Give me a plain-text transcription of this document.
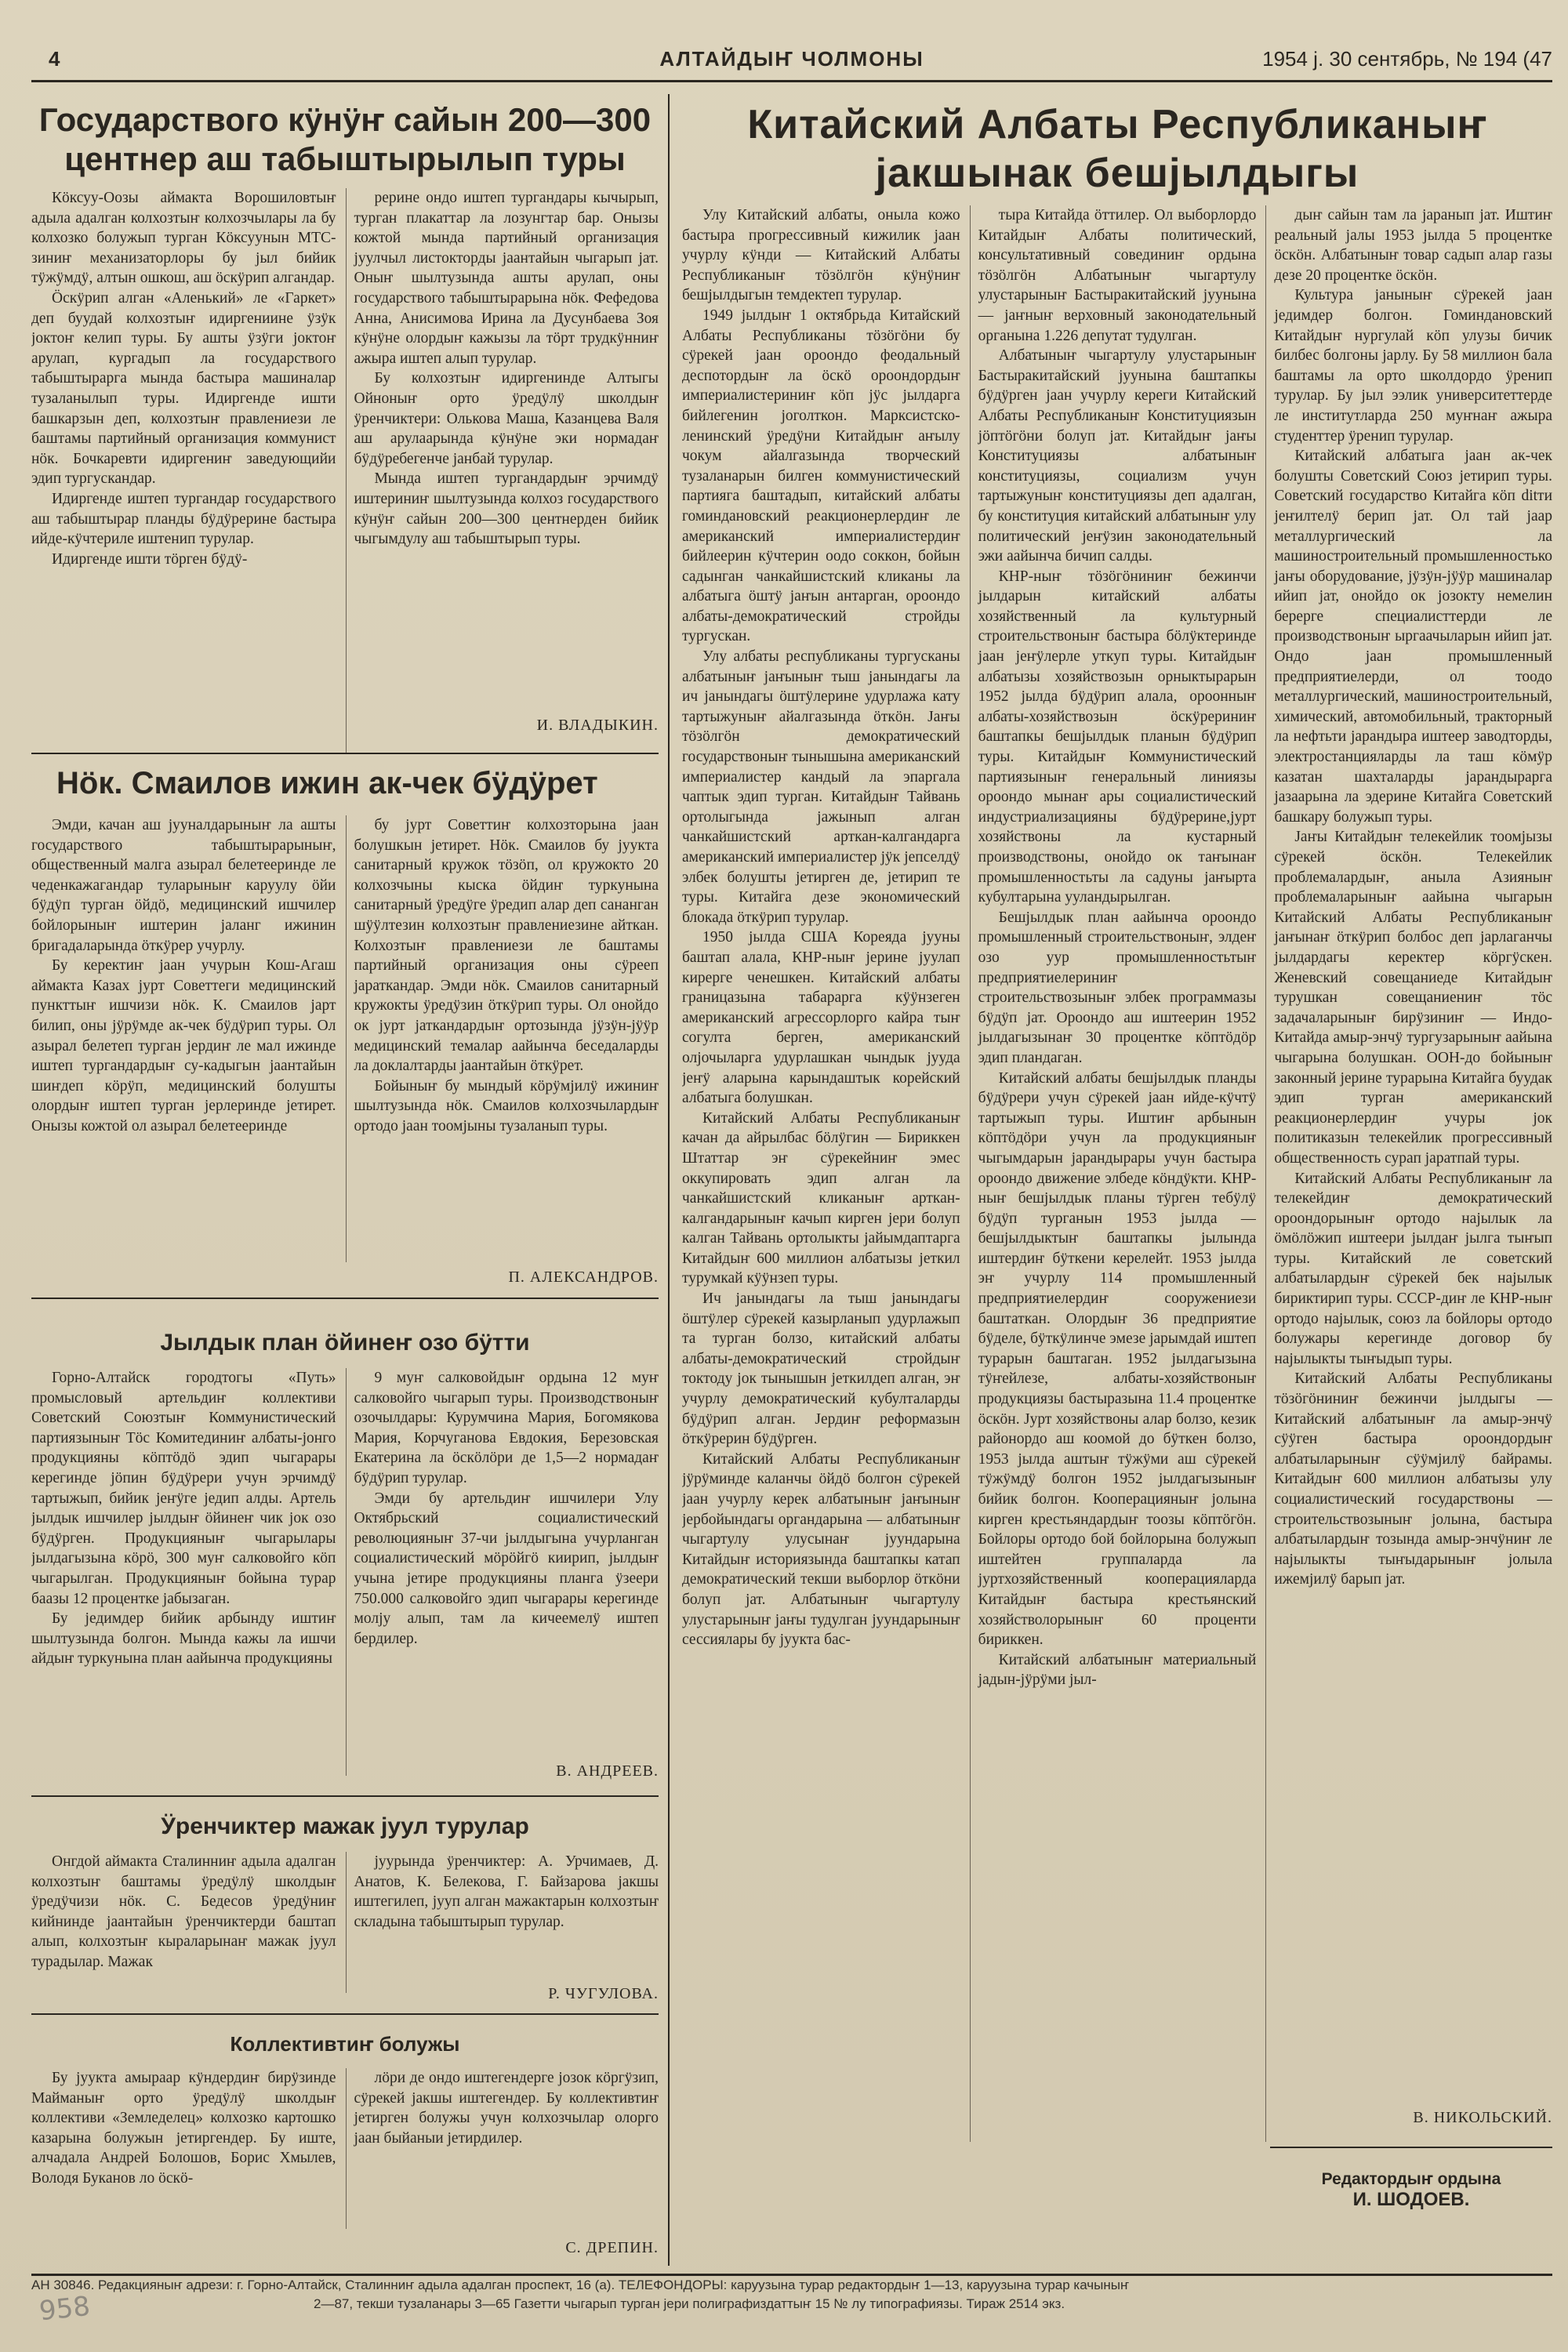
4	АЛТАЙДЫҤ ЧОЛМОНЫ	1954 ј. 30 сентябрь, № 194 (47
Государствого кӱнӱҥ сайын 200—300 центнер аш табыштырылып туры

Кӧксуу-Оозы аймакта Ворошиловтыҥ адыла адалган колхозтыҥ колхозчылары ла бу колхозко болужып турган Кӧксуунын МТС-зиниҥ механизаторлоры бу јыл бийик тӱжӱмдӱ, алтын ошкош, аш ӧскӱрип алгандар.

Ӧскӱрип алган «Аленький» ле «Гаркет» деп буудай колхозтыҥ идиргениине ӱзӱк јоктоҥ келип туры. Бу ашты ӱзӱги јоктоҥ арулап, кургадып ла государствого табыштырарга мында бастыра машиналар тузаланылып туры. Идиргенде ишти башкарзын деп, колхозтыҥ правлениези ле баштамы партийный организация коммунист нӧк. Бочкаревти идиргениҥ заведующийи эдип тургускандар.

Идиргенде иштеп тургандар государствого аш табыштырар планды бӱдӱрерине бастыра ийде-кӱчтериле иштенип турулар.

Идиргенде ишти тӧрген бӱдӱ-

рерине ондо иштеп тургандары кычырып, турган плакаттар ла лозунгтар бар. Онызы кожтой мында партийный организация јуулчыл листокторды јаантайын чыгарып јат. Оныҥ шылтузында ашты арулап, оны государствого табыштырарына нӧк. Фефедова Анна, Анисимова Ирина ла Дусунбаева Зоя кӱнӱне олордыҥ кажызы ла тӧрт трудкӱнниҥ ажыра иштеп алып турулар.

Бу колхозтыҥ идиргенинде Алтыгы Ойноныҥ орто ӱредӱлӱ школдыҥ ӱренчиктери: Олькова Маша, Казанцева Валя аш арулаарында кӱнӱне эки нормадаҥ бӱдӱребегенче јанбай турулар.

Мында иштеп тургандардыҥ эрчимдӱ иштериниҥ шылтузында колхоз государствого кӱнӱҥ сайын 200—300 центнерден бийик чыгымдулу аш табыштырып туры.

И. ВЛАДЫКИН.
Нӧк. Смаилов ижин ак-чек бӱдӱрет

Эмди, качан аш јууналдарыныҥ ла ашты государствого табыштырарыныҥ, общественный малга азырал белетееринде ле чеденкажагандар туларыныҥ каруулу ӧйи бӱдӱп турган ӧйдӧ, медицинский ишчилер бойлорыныҥ иштерин јаланг ижинин бригадаларында ӧткӱрер учурлу.

Бу керектиҥ јаан учурын Кош-Агаш аймакта Казах јурт Советтеги медицинский пункттыҥ ишчизи нӧк. К. Смаилов јарт билип, оны јӱрӱмде ак-чек бӱдӱрип туры. Ол азырал белетеп турган јердиҥ ле мал ижинде иштеп тургандардыҥ су-кадыгын јаантайын шиҥдеп кӧрӱп, медицинский болушты олордыҥ иштеп турган јерлеринде јетирет. Онызы кожтой ол азырал белетееринде

бу јурт Советтиҥ колхозторына јаан болушкын јетирет. Нӧк. Смаилов бу јуукта санитарный кружок тӧзӧп, ол кружокто 20 колхозчыны кыска ӧйдиҥ туркунына санитарный ӱредӱге ӱредип алар деп сананган шӱӱлтезин колхозтыҥ правлениезине айткан. Колхозтыҥ правлениези ле баштамы партийный организация оны сӱрееп јараткандар. Эмди нӧк. Смаилов санитарный кружокты ӱредӱзин ӧткӱрип туры. Ол онойдо ок јурт јаткандардыҥ ортозында јӱзӱн-јӱӱр медицинский темалар аайынча беседаларды ла доклалтарды јаантайын ӧткӱрет.

Бойыныҥ бу мындый кӧрӱмјилӱ ижиниҥ шылтузында нӧк. Смаилов колхозчылардыҥ ортодо јаан тоомјыны тузаланып туры.

П. АЛЕКСАНДРОВ.
Јылдык план ӧйинеҥ озо бӱтти

Горно-Алтайск городтогы «Путь» промысловый артельдиҥ коллективи Советский Союзтыҥ Коммунистический партиязыныҥ Тӧс Комитединиҥ албаты-јонго продукцияны кӧптӧдӧ эдип чыгарары керегинде јӧпин бӱдӱрери учун эрчимдӱ тартыжып, бийик јеҥӱге једип алды. Артель јылдык ишчилер јылдыҥ ӧйинеҥ чик јок озо бӱдӱрген. Продукцияныҥ чыгарылары јылдагызына кӧрӧ, 300 муҥ салковойго кӧп чыгарылган. Продукцияныҥ бойына турар баазы 12 процентке јабызаган.

Бу једимдер бийик арбынду иштиҥ шылтузында болгон. Мында кажы ла ишчи айдыҥ туркунына план аайынча продукцияны

9 муҥ салковойдыҥ ордына 12 муҥ салковойго чыгарып туры. Производствоныҥ озочылдары: Курумчина Мария, Богомякова Мария, Корчуганова Евдокия, Березовская Екатерина ла ӧскӧлӧри де 1,5—2 нормадаҥ бӱдӱрип турулар.

Эмди бу артельдиҥ ишчилери Улу Октябрьский социалистический революцияныҥ 37-чи јылдыгына учурланган социалистический мӧрӧйгӧ киирип, јылдыҥ учына јетире продукцияны планга ӱзеери 750.000 салковойго эдип чыгарары керегинде молју алып, там ла кичеемелӱ иштеп бердилер.

В. АНДРЕЕВ.
Ӱренчиктер мажак јуул турулар

Онгдой аймакта Сталинниҥ адыла адалган колхозтыҥ баштамы ӱредӱлӱ школдыҥ ӱредӱчизи нӧк. С. Бедесов ӱредӱниҥ кийнинде јаантайын ӱренчиктерди баштап алып, колхозтыҥ кыраларынаҥ мажак јуул турадылар. Мажак

јуурында ӱренчиктер: А. Урчимаев, Д. Анатов, К. Белекова, Г. Байзарова јакшы иштегилеп, јууп алган мажактарын колхозтыҥ складына табыштырып турулар.

Р. ЧУГУЛОВА.
Коллективтиҥ болужы

Бу јуукта амыраар кӱндердиҥ бирӱзинде Майманыҥ орто ӱредӱлӱ школдыҥ коллективи «Земледелец» колхозко картошко казарына болужын јетиргендер. Бу иште, алчадала Андрей Болошов, Борис Хмылев, Володя Буканов ло ӧскӧ-

лӧри де ондо иштегендерге јозок кӧргӱзип, сӱрекей јакшы иштегендер. Бу коллективтиҥ јетирген болужы учун колхозчылар олорго јаан быйаныи јетирдилер.

С. ДРЕПИН.
Китайский Албаты Республиканыҥ јакшынак бешјылдыгы

Улу Китайский албаты, оныла кожо бастыра прогрессивный кижилик јаан учурлу кӱнди — Китайский Албаты Республиканыҥ тӧзӧлгӧн кӱнӱниҥ бешјылдыгын темдектеп турулар.

1949 јылдыҥ 1 октябрьда Китайский Албаты Республиканы тӧзӧгӧни бу сӱрекей јаан ороондо феодальный деспотордыҥ ла ӧскӧ ороондордыҥ империалистериниҥ кӧп јӱс јылдарга бийлегенин јоголткон. Марксистско-ленинский ӱредӱни Китайдыҥ аҥылу чокум айалгазында творческий тузаланарын билген коммунистический партияга баштадып, китайский албаты гоминдановский реакционерлердиҥ ле американский империалистердиҥ бийлеерин кӱчтерин оодо соккон, бойын садынган чанкайшистский кликаны ла албатыга ӧштӱ јаҥын антарган, ороондо албаты-демократический стройды тургускан.

Улу албаты республиканы тургусканы албатыныҥ јаҥыныҥ тыш јанындагы ла ич јанындагы ӧштӱлерине удурлажа кату тартыжуныҥ айалгазында ӧткӧн. Јаҥы тӧзӧлгӧн демократический государствоныҥ тынышына американский империалистер кандый ла эпаргала чаптык эдип турган. Китайдыҥ Тайвань ортолыгында јажынып алган чанкайшистский арткан-калгандарга американский империалистер јӱк јепселдӱ элбек болушты јетирген де, јетирип те туры. Китайга дезе экономический блокада ӧткӱрип турулар.

1950 јылда США Кореяда јууны баштап алала, КНР-ныҥ јерине јуулап кирерге ченешкен. Китайский албаты границазына табарарга кӱӱнзеген американский агрессорлорго кайра тыҥ согулта берген, американский олјочыларга удурлашкан чындык јууда јеҥӱ аларына карындаштык корейский албатыга болушкан.

Китайский Албаты Республиканыҥ качан да айрылбас бӧлӱгин — Бириккен Штаттар эҥ сӱрекейниҥ эмес оккупировать эдип алган ла чанкайшистский кликаныҥ арткан-калгандарыныҥ качып кирген јери болуп калган Тайвань ортолыкты јайымдаптарга Китайдыҥ 600 миллион албатызы јеткил турумкай кӱӱнзеп туры.

Ич јанындагы ла тыш јанындагы ӧштӱлер сӱрекей казырланып удурлажып та турган болзо, китайский албаты албаты-демократический стройдыҥ токтоду јок тынышын јеткилдеп алган, эҥ учурлу демократический кубулталарды бӱдӱрип алган. Јердиҥ реформазын ӧткӱрерин бӱдӱрген.

Китайский Албаты Республиканыҥ јӱрӱминде каланчы ӧйдӧ болгон сӱрекей јаан учурлу керек албатыныҥ јаҥыныҥ јербойындагы органдарына — албатыныҥ чыгартулу улусынаҥ јуундарына Китайдыҥ историязында баштапкы катап демократический текши выборлор ӧткӧни болуп јат. Албатыныҥ чыгартулу улустарыныҥ јаҥы тудулган јуундарыныҥ сессиялары бу јуукта бас-

тыра Китайда ӧттилер. Ол выборлордо Китайдыҥ Албаты политический, консультативный совединиҥ ордына тӧзӧлгӧн Албатыныҥ чыгартулу улустарыныҥ Бастыракитайский јуунына — јаҥныҥ верховный законодательный органына 1.226 депутат тудулган.

Албатыныҥ чыгартулу улустарыныҥ Бастыракитайский јуунына баштапкы бӱдӱрген јаан учурлу кереги Китайский Албаты Республиканыҥ Конституциязын јӧптӧгӧни болуп јат. Китайдыҥ јаҥы Конституциязы албатыныҥ конституциязы, социализм учун тартыжуныҥ конституциязы деп адалган, бу конституция китайский албатыныҥ улу политический јеҥӱзин законодательный эжи аайынча бичип салды.

КНР-ныҥ тӧзӧгӧниниҥ бежинчи јылдарын китайский албаты хозяйственный ла культурный строительствоныҥ бастыра бӧлӱктеринде јаан јеҥӱлерле уткуп туры. Китайдыҥ албатызы хозяйствозын орныктырарын 1952 јылда бӱдӱрип алала, ороонныҥ албаты-хозяйствозын ӧскӱрериниҥ баштапкы бешјылдык планын бӱдӱрип туры. Китайдыҥ Коммунистический партиязыныҥ генеральный линиязы ороондо мынаҥ ары социалистический индустриализацияны бӱдӱрерине,јурт хозяйствоны ла кустарный производствоны, онойдо ок таҥынаҥ промышленностьты ла садуны јаҥырта кубултарына ууландырылган.

Бешјылдык план аайынча ороондо промышленный строительствоныҥ, элдеҥ озо уур промышленностьтыҥ предприятиелериниҥ строительствозыныҥ элбек программазы бӱдӱп јат. Ороондо аш иштеерин 1952 јылдагызынаҥ 30 процентке кӧптӧдӧр эдип пландаган.

Китайский албаты бешјылдык планды бӱдӱрери учун сӱрекей јаан ийде-кӱчтӱ тартыжып туры. Иштиҥ арбынын кӧптӧдӧри учун ла продукцияныҥ чыгымдарын јарандырары учун бастыра ороондо движение элбеде кӧндӱкти. КНР-ныҥ бешјылдык планы тӱрген тебӱлӱ бӱдӱп турганын 1953 јылда — бешјылдыктыҥ баштапкы јылында иштердиҥ бӱткени керелейт. 1953 јылда эҥ учурлу 114 промышленный предприятиелердиҥ сооружениези баштаткан. Олордыҥ 36 предприятие бӱделе, бӱткӱлинче эмезе јарымдай иштеп турарын баштаган. 1952 јылдагызына тӱҥейлезе, албаты-хозяйствоныҥ продукциязы бастыразына 11.4 процентке ӧскӧн. Јурт хозяйствоны алар болзо, кезик районордо аш коомой до бӱткен болзо, 1953 јылда аштыҥ тӱжӱми аш сӱрекей тӱжӱмдӱ болгон 1952 јылдагызыныҥ бийик болгон. Кооперацияныҥ јолына кирген крестьяндардыҥ тоозы кӧптӧгӧн. Бойлоры ортодо бой бойлорына болужып иштейтен группаларда ла јуртхозяйственный кооперацияларда Китайдыҥ бастыра крестьянский хозяйстволорыныҥ 60 проценти бириккен.

Китайский албатыныҥ материальный јадын-јӱрӱми јыл-

дыҥ сайын там ла јаранып јат. Иштиҥ реальный јалы 1953 јылда 5 процентке ӧскӧн. Албатыныҥ товар садып алар газы дезе 20 процентке ӧскӧн.

Культура јаныныҥ сӱрекей јаан једимдер болгон. Гоминдановский Китайдыҥ нургулай кӧп улузы бичик билбес болгоны јарлу. Бу 58 миллион бала баштамы ла орто школдордо ӱренип турулар. Бу јыл ээлик университеттерде ле институтларда 250 муҥнаҥ ажыра студенттер ӱренип турулар.

Китайский албатыга јаан ак-чек болушты Советский Союз јетирип туры. Советский государство Китайга кӧп ditти јеҥилтелӱ берип јат. Ол тай јаар металлургический ла машиностроительный промышленностько јаҥы оборудование, јӱзӱн-јӱӱр машиналар ийип јат, онойдо ок јозокту немелин берерге специалисттерди ле производствоныҥ ыргаачыларын ийип јат. Ондо јаан промышленный предприятиелерди, ол тоодо металлургический, машиностроительный, химический, автомобильный, тракторный ла нефтьти јарандыра иштеер заводторды, электростанцияларды ла таш кӧмӱр казатан шахталарды јарандырарга јазаарына ла эдерине Китайга Советский башкару болужып туры.

Јаҥы Китайдыҥ телекейлик тоомјызы сӱрекей ӧскӧн. Телекейлик проблемалардыҥ, аныла Азияныҥ проблемаларыныҥ аайына чыгарын Китайский Албаты Республиканыҥ јаҥынаҥ ӧткӱрип болбос деп јарлаганчы јылдардагы керектер кӧргӱскен. Женевский совещаниеде Китайдыҥ турушкан совещаниениҥ тӧс задачаларыныҥ бирӱзиниҥ — Индо-Китайда амыр-энчӱ тургузарыныҥ аайына чыгарына болушкан. ООН-до бойыныҥ законный јерине турарына Китайга буудак эдип турган американский реакционерлердиҥ учуры јок политиказын телекейлик прогрессивный общественность сурап јаратпай туры.

Китайский Албаты Республиканыҥ ла телекейдиҥ демократический ороондорыныҥ ортодо најылык ла ӧмӧлӧжип иштеери јылдаҥ јылга тыҥып туры. Китайский ле советский албатылардыҥ сӱрекей бек најылык бириктирип туры. СССР-диҥ ле КНР-ныҥ ортодо најылык, союз ла бойлоры ортодо болужары керегинде договор бу најылыкты тыҥыдып туры.

Китайский Албаты Республиканы тӧзӧгӧниниҥ бежинчи јылдыгы — Китайский албатыныҥ ла амыр-энчӱ сӱӱген бастыра ороондордыҥ албатыларыныҥ сӱӱмјилӱ байрамы. Китайдыҥ 600 миллион албатызы улу социалистический государствоны — строительствозыныҥ јолына, бастыра албатылардыҥ тозында амыр-энчӱниҥ ле најылыкты тыҥыдарыныҥ јолыла ижемјилӱ барып јат.

В. НИКОЛЬСКИЙ.
Редактордыҥ ордына
И. ШОДОЕВ.
АН 30846. Редакцияныҥ адрези: г. Горно-Алтайск, Сталинниҥ адыла адалган проспект, 16 (а). ТЕЛЕФОНДОРЫ: каруузына турар редактордыҥ 1—13, каруузына турар качыныҥ
2—87, текши тузаланары 3—65 Газетти чыгарып турган јери полиграфиздаттыҥ 15 № лу типографиязы. Тираж 2514 экз.
958
